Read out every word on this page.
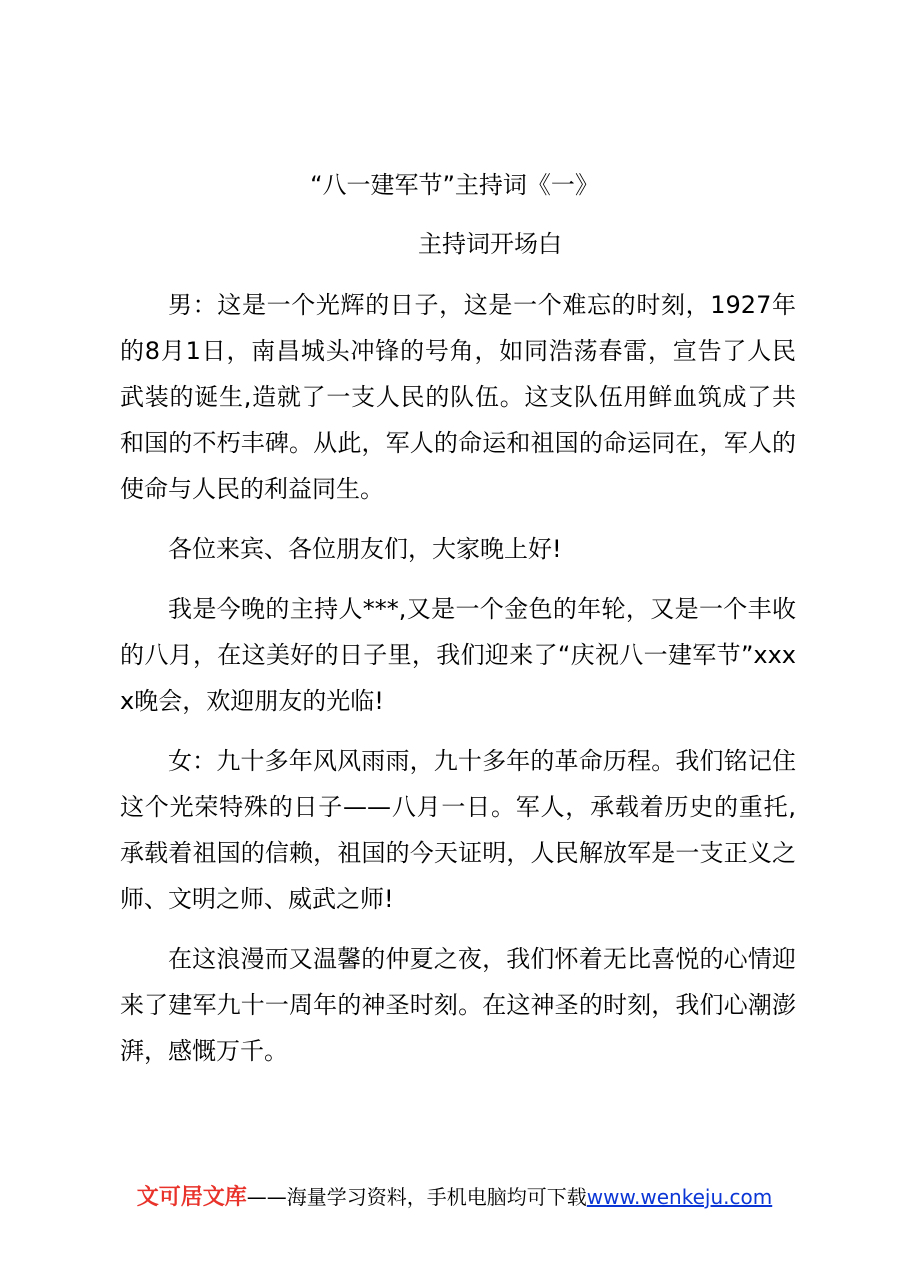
“八一建军节”主持词《一》
主持词开场白

男：这是一个光辉的日子，这是一个难忘的时刻，1927年的8月1日，南昌城头冲锋的号角，如同浩荡春雷，宣告了人民武装的诞生,造就了一支人民的队伍。这支队伍用鲜血筑成了共和国的不朽丰碑。从此，军人的命运和祖国的命运同在，军人的使命与人民的利益同生。

各位来宾、各位朋友们，大家晚上好!

我是今晚的主持人***,又是一个金色的年轮，又是一个丰收的八月，在这美好的日子里，我们迎来了“庆祝八一建军节”xxxx晚会，欢迎朋友的光临!

女：九十多年风风雨雨，九十多年的革命历程。我们铭记住这个光荣特殊的日子——八月一日。军人，承载着历史的重托,承载着祖国的信赖，祖国的今天证明，人民解放军是一支正义之师、文明之师、威武之师!

在这浪漫而又温馨的仲夏之夜，我们怀着无比喜悦的心情迎来了建军九十一周年的神圣时刻。在这神圣的时刻，我们心潮澎湃，感慨万千。

文可居文库——海量学习资料，手机电脑均可下载www.wenkeju.com
